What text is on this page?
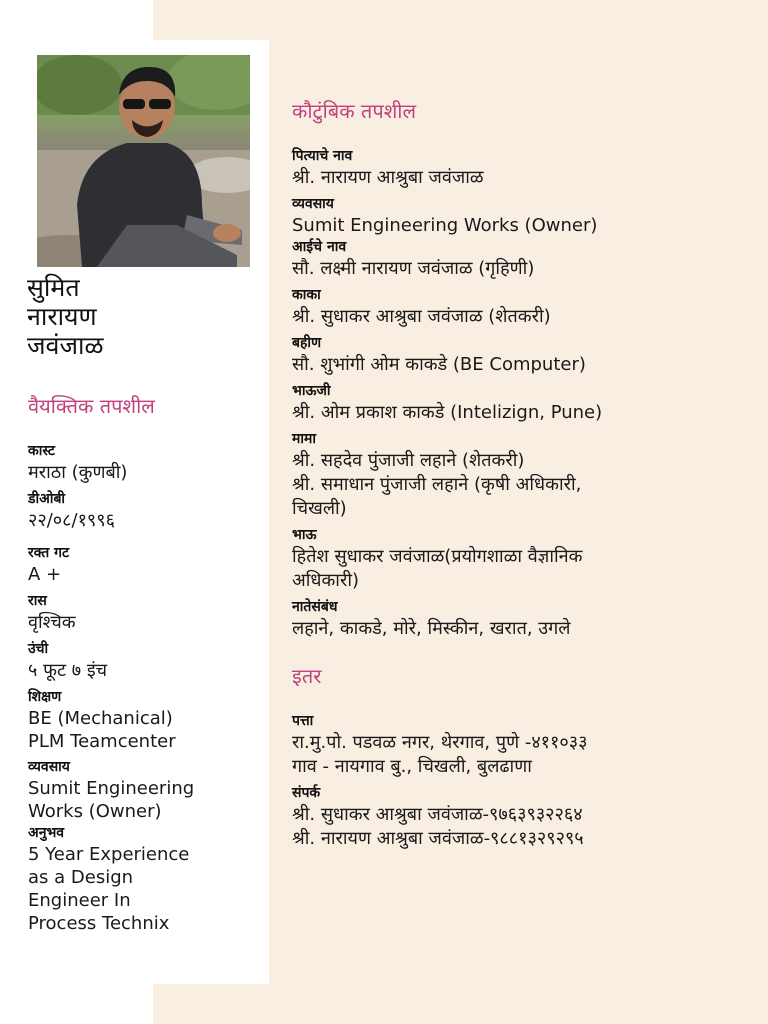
सुमित
नारायण
जवंजाळ
वैयक्तिक तपशील
कास्ट
मराठा (कुणबी)
डीओबी
२२/०८/१९९६
रक्त गट
A +
रास
वृश्चिक
उंची
५ फूट ७ इंच
शिक्षण
BE (Mechanical)
PLM Teamcenter
व्यवसाय
Sumit Engineering
Works (Owner)
अनुभव
5 Year Experience
as a Design
Engineer In
Process Technix
कौटुंबिक तपशील
पित्याचे नाव
श्री. नारायण आश्रुबा जवंजाळ
व्यवसाय
Sumit Engineering Works (Owner)
आईचे नाव
सौ. लक्ष्मी नारायण जवंजाळ (गृहिणी)
काका
श्री. सुधाकर आश्रुबा जवंजाळ (शेतकरी)
बहीण
सौ. शुभांगी ओम काकडे (BE Computer)
भाऊजी
श्री. ओम प्रकाश काकडे (Intelizign, Pune)
मामा
श्री. सहदेव पुंजाजी लहाने (शेतकरी)
श्री. समाधान पुंजाजी लहाने (कृषी अधिकारी,
चिखली)
भाऊ
हितेश सुधाकर जवंजाळ(प्रयोगशाळा वैज्ञानिक
अधिकारी)
नातेसंबंध
लहाने, काकडे, मोरे, मिस्कीन, खरात, उगले
इतर
पत्ता
रा.मु.पो. पडवळ नगर, थेरगाव, पुणे -४११०३३
गाव - नायगाव बु., चिखली, बुलढाणा
संपर्क
श्री. सुधाकर आश्रुबा जवंजाळ-९७६३९३२२६४
श्री. नारायण आश्रुबा जवंजाळ-९८८१३२९२९५
